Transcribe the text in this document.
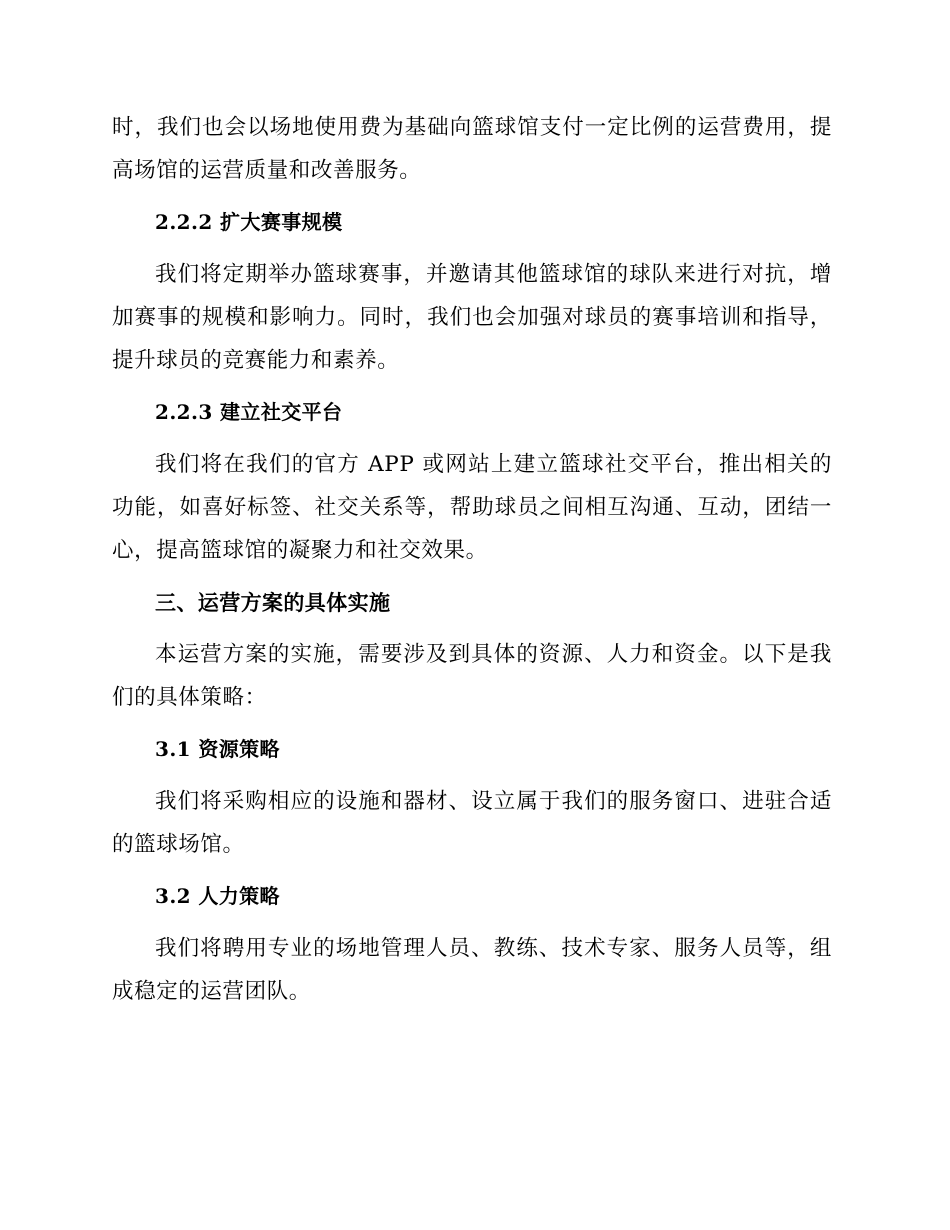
时，我们也会以场地使用费为基础向篮球馆支付一定比例的运营费用，提高场馆的运营质量和改善服务。

2.2.2 扩大赛事规模

我们将定期举办篮球赛事，并邀请其他篮球馆的球队来进行对抗，增加赛事的规模和影响力。同时，我们也会加强对球员的赛事培训和指导，提升球员的竞赛能力和素养。

2.2.3 建立社交平台

我们将在我们的官方 APP 或网站上建立篮球社交平台，推出相关的功能，如喜好标签、社交关系等，帮助球员之间相互沟通、互动，团结一心，提高篮球馆的凝聚力和社交效果。

三、运营方案的具体实施

本运营方案的实施，需要涉及到具体的资源、人力和资金。以下是我们的具体策略：

3.1 资源策略

我们将采购相应的设施和器材、设立属于我们的服务窗口、进驻合适的篮球场馆。

3.2 人力策略

我们将聘用专业的场地管理人员、教练、技术专家、服务人员等，组成稳定的运营团队。
